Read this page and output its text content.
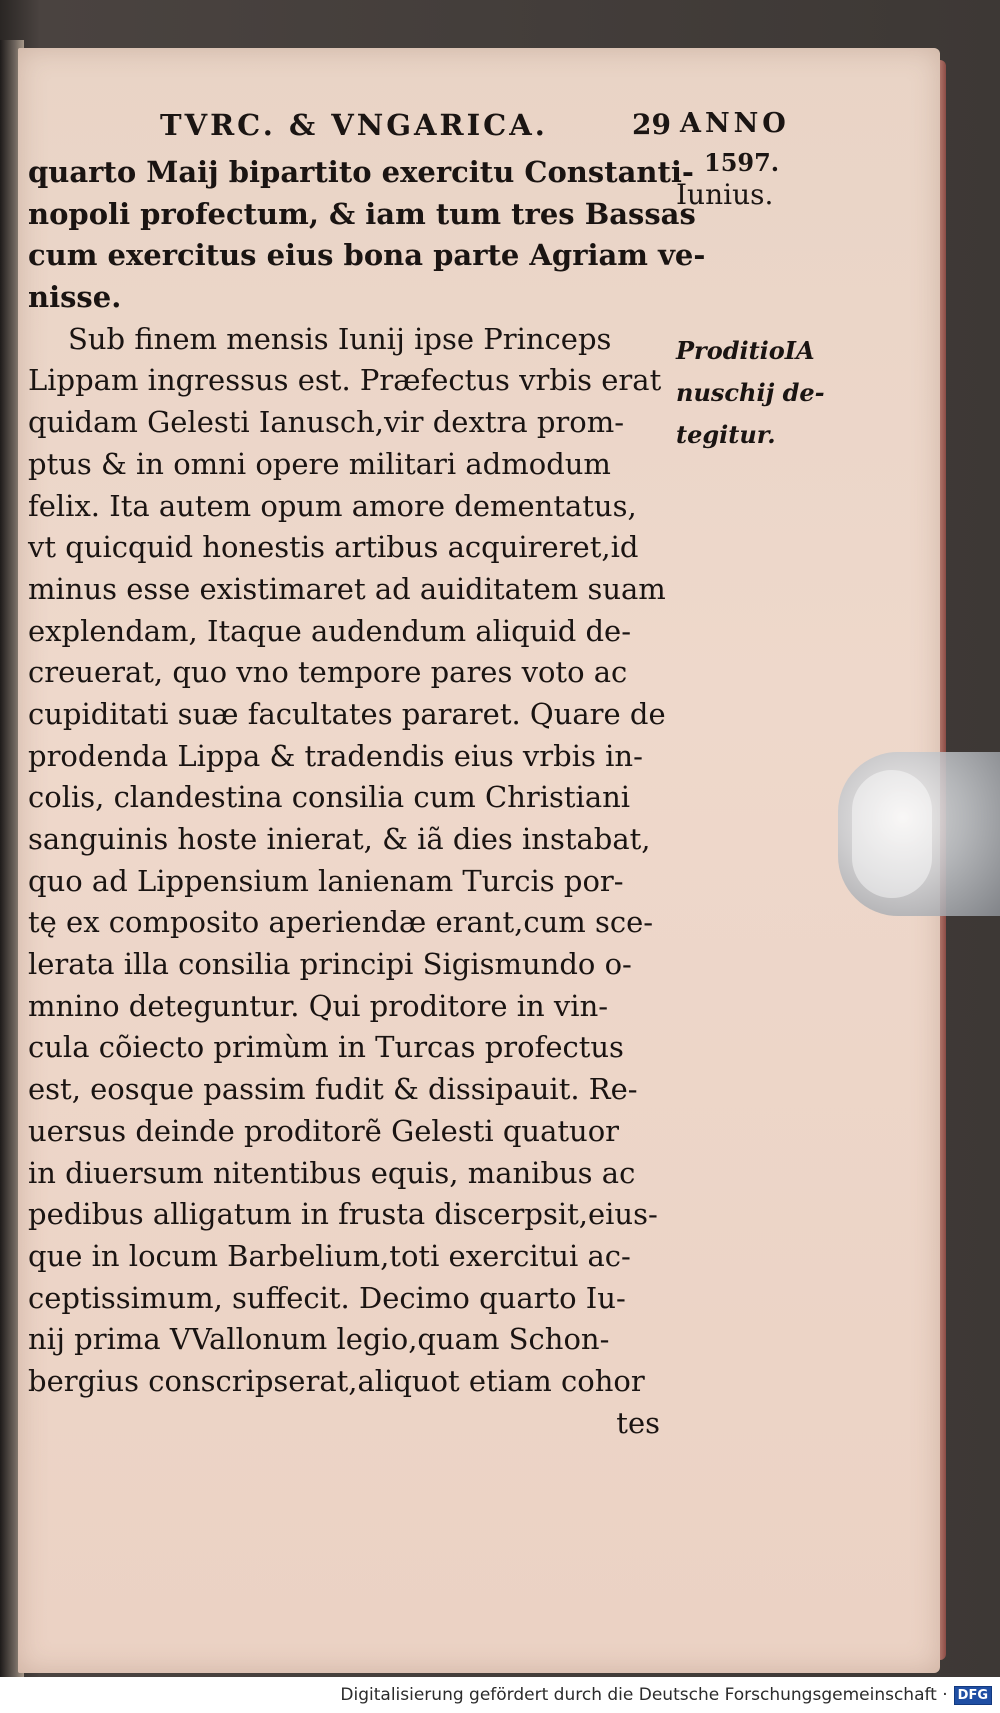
TVRC. & VNGARICA.	29 ANNO
1597.
Iunius.
quarto Maij bipartito exercitu Constanti-
nopoli profectum, & iam tum tres Bassas
cum exercitus eius bona parte Agriam ve-
nisse.
Sub finem mensis Iunij ipse Princeps
Lippam ingressus est. Præfectus vrbis erat
quidam Gelesti Ianusch,vir dextra prom-
ptus & in omni opere militari admodum
felix. Ita autem opum amore dementatus,
vt quicquid honestis artibus acquireret,id
minus esse existimaret ad auiditatem suam
explendam, Itaque audendum aliquid de-
creuerat, quo vno tempore pares voto ac
cupiditati suæ facultates pararet. Quare de
prodenda Lippa & tradendis eius vrbis in-
colis, clandestina consilia cum Christiani
sanguinis hoste inierat, & iã dies instabat,
quo ad Lippensium lanienam Turcis por-
tę ex composito aperiendæ erant,cum sce-
lerata illa consilia principi Sigismundo o-
mnino deteguntur. Qui proditore in vin-
cula cõiecto primùm in Turcas profectus
est, eosque passim fudit & dissipauit. Re-
uersus deinde proditorẽ Gelesti quatuor
in diuersum nitentibus equis, manibus ac
pedibus alligatum in frusta discerpsit,eius-
que in locum Barbelium,toti exercitui ac-
ceptissimum, suffecit. Decimo quarto Iu-
nij prima VVallonum legio,quam Schon-
bergius conscripserat,aliquot etiam cohor
tes
ProditioIA
nuschij de-
tegitur.
Digitalisierung gefördert durch die Deutsche Forschungsgemeinschaft · DFG
